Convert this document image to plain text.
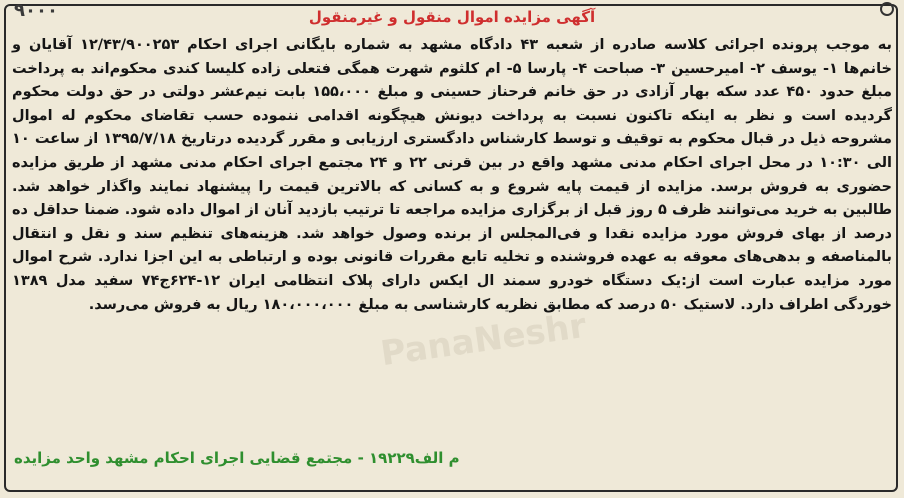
۹۰۰۰	آگهی مزایده اموال منقول و غیرمنقول

به موجب پرونده اجرائی کلاسه صادره از شعبه ۴۳ دادگاه مشهد به شماره بایگانی اجرای احکام ۱۲/۴۳/۹۰۰۲۵۳ آقایان و خانم‌ها ۱- یوسف ۲- امیرحسین ۳- صباحت ۴- پارسا ۵- ام کلثوم شهرت همگی فتعلی زاده کلیسا کندی محکوم‌اند به پرداخت مبلغ حدود ۴۵۰ عدد سکه بهار آزادی در حق خانم فرحناز حسینی و مبلغ ۱۵۵،۰۰۰ بابت نیم‌عشر دولتی در حق دولت محکوم گردیده است و نظر به اینکه تاکنون نسبت به پرداخت دیونش هیچگونه اقدامی ننموده حسب تقاضای محکوم له اموال مشروحه ذیل در قبال محکوم به توقیف و توسط کارشناس دادگستری ارزیابی و مقرر گردیده درتاریخ ۱۳۹۵/۷/۱۸ از ساعت ۱۰ الی ۱۰:۳۰ در محل اجرای احکام مدنی مشهد واقع در بین قرنی ۲۲ و ۲۴ مجتمع اجرای احکام مدنی مشهد از طریق مزایده حضوری به فروش برسد. مزایده از قیمت پایه شروع و به کسانی که بالاترین قیمت را پیشنهاد نمایند واگذار خواهد شد. طالبین به خرید می‌توانند ظرف ۵ روز قبل از برگزاری مزایده مراجعه تا ترتیب بازدید آنان از اموال داده شود. ضمنا حداقل ده درصد از بهای فروش مورد مزایده نقدا و فی‌المجلس از برنده وصول خواهد شد. هزینه‌های تنظیم سند و نقل و انتقال بالمناصفه و بدهی‌های معوقه به عهده فروشنده و تخلیه تابع مقررات قانونی بوده و ارتباطی به این اجزا ندارد. شرح اموال مورد مزایده عبارت است از:یک دستگاه خودرو سمند ال ایکس دارای پلاک انتظامی ایران ۱۲-۶۲۴ج۷۴ سفید مدل ۱۳۸۹ خوردگی اطراف دارد. لاستیک ۵۰ درصد که مطابق نظریه کارشناسی به مبلغ ۱۸۰،۰۰۰،۰۰۰ ریال به فروش می‌رسد.

PanaNeshr

م الف۱۹۲۲۹ - مجتمع قضایی اجرای احکام مشهد واحد مزایده
